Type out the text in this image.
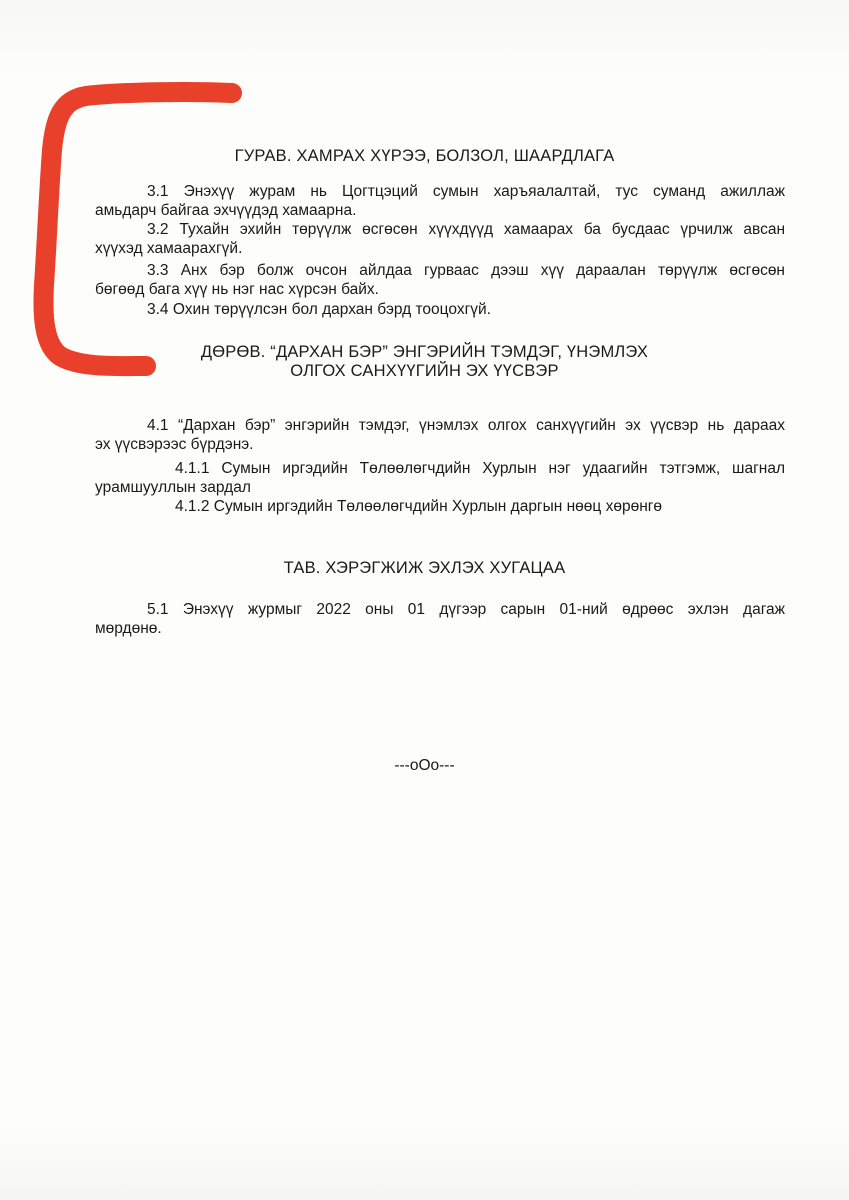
ГУРАВ. ХАМРАХ ХҮРЭЭ, БОЛЗОЛ, ШААРДЛАГА
3.1 Энэхүү журам нь Цогтцэций сумын харъяалалтай, тус суманд ажиллаж
амьдарч байгаа эхчүүдэд хамаарна.
3.2 Тухайн эхийн төрүүлж өсгөсөн хүүхдүүд хамаарах ба бусдаас үрчилж авсан
хүүхэд хамаарахгүй.
3.3 Анх бэр болж очсон айлдаа гурваас дээш хүү дараалан төрүүлж өсгөсөн
бөгөөд бага хүү нь нэг нас хүрсэн байх.
3.4 Охин төрүүлсэн бол дархан бэрд тооцохгүй.
ДӨРӨВ. “ДАРХАН БЭР” ЭНГЭРИЙН ТЭМДЭГ, ҮНЭМЛЭХ
ОЛГОХ САНХҮҮГИЙН ЭХ ҮҮСВЭР
4.1 “Дархан бэр” энгэрийн тэмдэг, үнэмлэх олгох санхүүгийн эх үүсвэр нь дараах
эх үүсвэрээс бүрдэнэ.
4.1.1 Сумын иргэдийн Төлөөлөгчдийн Хурлын нэг удаагийн тэтгэмж, шагнал
урамшууллын зардал
4.1.2 Сумын иргэдийн Төлөөлөгчдийн Хурлын даргын нөөц хөрөнгө
ТАВ. ХЭРЭГЖИЖ ЭХЛЭХ ХУГАЦАА
5.1 Энэхүү журмыг 2022 оны 01 дүгээр сарын 01-ний өдрөөс эхлэн дагаж
мөрдөнө.
---oOo---
